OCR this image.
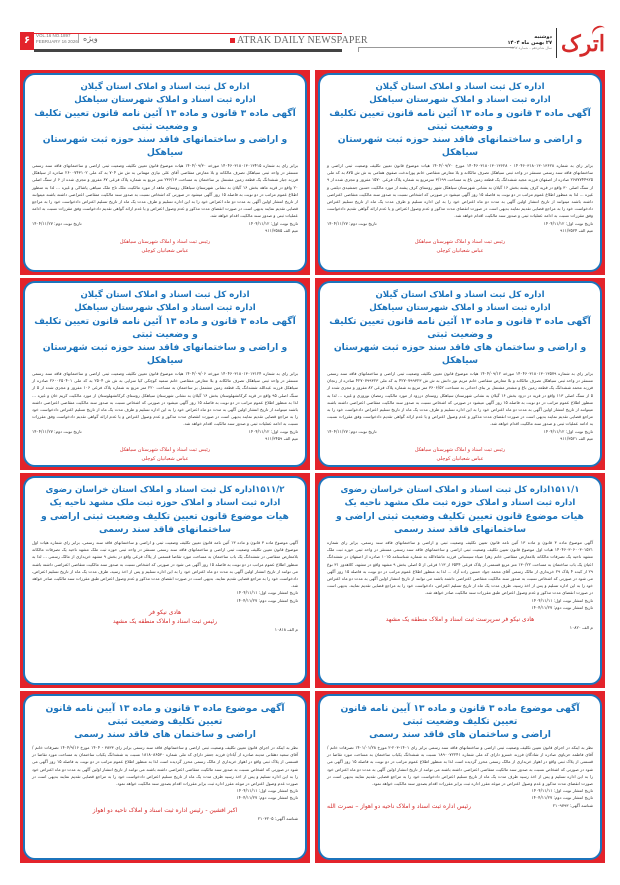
۶	VOL.16 NO.1897
FEBRUARY 16 2026 ویژه	ATRAK DAILY NEWSPAPER	دوشنبه
۲۷ بهمن ماه ۱۴۰۴
سال شانزدهم - شماره ۱۸۹۷ اترک
اداره کل ثبت اسناد و املاک استان گیلان
اداره ثبت اسناد و املاک شهرستان سیاهکل
آگهی ماده ۳ قانون و ماده ۱۳ آئین نامه قانون تعیین تکلیف و وضعیت ثبتی
و اراضی و ساختمانهای فاقد سند حوزه ثبت شهرستان سیاهکل
برابر رای به شماره ۱۴۰۴۶۰۳۱۸۰۱۳۰۱۳۶۲۸ - ۱۴۰۴۶۰۳۱۸۰۱۳۰۱۳۶۲۸ مورخ ۱۴۰۴/۰۹/۲۰ هیات موضوع قانون تعیین تکلیف وضعیت ثبتی اراضی و ساختمانهای فاقد سند رسمی مستقر در واحد ثبتی سیاهکل تصرف مالکانه و بلا معارض متقاضی خانم پوراندخت صفوی همامی به ش ش ۸۷۵ به کد ملی ۲۶۸۷۷۴۴۹۲۵ صادره از اصفهان فرزند مجید ششدانگ یک قطعه زمین باغ به مساحت ۳/۱۹۹ مترمربع به شماره پلاک فرعی ۱۵۷۰ مفروز و مجزی شده از ۹ از سنگ اصلی ۳۰ واقع در قریه کرف پشته بخش ۱۶ گیلان به نشانی شهرستان سیاهکل شهر روستای کرف پشته از مورد مالکیت حسین جمشیدی دیلمی و غیره ... لذا به منظور اطلاع عموم مراتب در دو نوبت به فاصله ۱۵ روز آگهی میشود در صورتی که اشخاص نسبت به صدور سند مالکیت متقاضی اعتراضی داشته باشند میتوانند از تاریخ انتشار اولین آگهی به مدت دو ماه اعتراض خود را به این اداره تسلیم و ظرف مدت یک ماه از تاریخ تسلیم اعتراض دادخواست خود را به مراجع قضایی تقدیم نمایند بدیهی است در صورت انقضای مدت مذکور و عدم وصول اعتراض و یا عدم ارائه گواهی تقدیم دادخواست وفق مقررات نسبت به ادامه عملیات ثبتی و صدور سند مالکیت اقدام خواهد شد.
تاریخ نوبت اول: ۱۴۰۴/۱۱/۱۲
تاریخ نوبت دوم: ۱۴۰۴/۱۱/۲۷
میم الف ۹۱۱/۳۵۲۴
رئیس ثبت اسناد و املاک شهرستان سیاهکل
عباس شعبانیان کوچلی
اداره کل ثبت اسناد و املاک استان گیلان
اداره ثبت اسناد و املاک شهرستان سیاهکل
آگهی ماده ۳ قانون و ماده ۱۳ آئین نامه قانون تعیین تکلیف و وضعیت ثبتی
و اراضی و ساختمانهای فاقد سند حوزه ثبت شهرستان سیاهکل
برابر رای به شماره ۱۴۰۴۶۰۳۱۸۰۱۳۰۱۳۴۱۵ مورخه ۱۴۰۴/۰۹/۳۰ هیات موضوع قانون تعیین تکلیف وضعیت ثبتی اراضی و ساختمانهای فاقد سند رسمی مستقر در واحد ثبتی سیاهکل تصرف مالکانه و بلا معارض متقاضی آقای علی نیازی مهمانی به ش ش ۷۰۴ به کد ملی ۲۶۰۰۷۴۳۱۰۲ صادره از سیاهکل فرزند جبار ششدانگ یک قطعه زمین مشتمل بر ساختمان به مساحت ۲۳۶/۱۳ متر مربع به شماره پلاک فرعی ۶۷ مفروز و مجزی شده از ۶ از سنگ اصلی ۲۰ واقع در قریه ماهه بخش ۱۶ گیلان به نشانی شهرستان سیاهکل روستای ماهه از مورد مالکیت ملک تاج ملک سیاهی پاشاکی و غیره ... لذا به منظور اطلاع عموم مراتب در دو نوبت به فاصله ۱۵ روز آگهی میشود در صورتی که اشخاص نسبت به صدور سند مالکیت متقاضی اعتراضی داشته باشند میتوانند از تاریخ انتشار اولین آگهی به مدت دو ماه اعتراض خود را به این اداره تسلیم و ظرف مدت یک ماه از تاریخ تسلیم اعتراض دادخواست خود را به مراجع قضایی تقدیم نمایند بدیهی است در صورت انقضای مدت مذکور و عدم وصول اعتراض و یا عدم ارائه گواهی تقدیم دادخواست وفق مقررات نسبت به ادامه عملیات ثبتی و صدور سند مالکیت اقدام خواهد شد.
تاریخ نوبت اول: ۱۴۰۴/۱۱/۱۲
تاریخ نوبت دوم: ۱۴۰۴/۱۱/۲۷
میم الف ۹۱۱/۳۵۸۵
رئیس ثبت اسناد و املاک شهرستان سیاهکل
عباس شعبانیان کوچلی
اداره کل ثبت اسناد و املاک استان گیلان
اداره ثبت اسناد و املاک شهرستان سیاهکل
آگهی ماده ۳ قانون و ماده ۱۳ آئین نامه قانون تعیین تکلیف و وضعیت ثبتی
و اراضی و ساختمان های فاقد سند حوزه ثبت شهرستان سیاهکل
برابر رای به شماره ۱۴۰۴۶۰۳۱۸۰۱۳۰۱۳۵۷۹ مورخه ۱۴۰۴/۰۹/۱۲ هیات موضوع قانون تعیین تکلیف وضعیت ثبتی اراضی و ساختمانهای فاقد سند رسمی مستقر در واحد ثبتی سیاهکل تصرف مالکانه و بلا معارض متقاضی خانم مریم نور دانش به ش ش ۴۲۷۰۷۹۹۳۲۳ به کد ملی ۴۲۷۰۷۹۹۳۲۳ صادره از زنجان فرزند محمد ششدانگ یک قطعه زمین باغ و مشجر مشتمل بر بنای احداثی به مساحت ۳۶۰۶/۵۲ متر مربع به شماره پلاک فرعی ۸۲ مفروز و مجزی شده از ۵ از سنگ اصلی ۱۱۳ واقع در قریه در دزود بخش ۱۶ گیلان به نشانی شهرستان سیاهکل روستای درزود از مورد مالکیت رمضان نوروزی و غیره ... لذا به منظور اطلاع عموم مراتب در دو نوبت به فاصله ۱۵ روز آگهی میشود در صورتی که اشخاص نسبت به صدور سند مالکیت متقاضی اعتراضی داشته باشند میتوانند از تاریخ انتشار اولین آگهی به مدت دو ماه اعتراض خود را به این اداره تسلیم و ظرف مدت یک ماه از تاریخ تسلیم اعتراض دادخواست خود را به مراجع قضایی تقدیم نمایند بدیهی است در صورت انقضای مدت مذکور و عدم وصول اعتراض و یا عدم ارائه گواهی تقدیم دادخواست وفق مقررات نسبت به ادامه عملیات ثبتی و صدور سند مالکیت اقدام خواهد شد.
تاریخ نوبت اول: ۱۴۰۴/۱۱/۱۲
تاریخ نوبت دوم: ۱۴۰۴/۱۱/۲۷
میم الف ۹۱۱/۳۵۲۱
رئیس ثبت اسناد و املاک شهرستان سیاهکل
عباس شعبانیان کوچلی
اداره کل ثبت اسناد و املاک استان گیلان
اداره ثبت اسناد و املاک شهرستان سیاهکل
آگهی ماده ۳ قانون و ماده ۱۳ آئین نامه قانون تعیین تکلیف و وضعیت ثبتی
و اراضی و ساختمانهای فاقد سند حوزه ثبت شهرستان سیاهکل
برابر رای به شماره ۱۴۰۴۶۰۳۱۸۰۱۳۰۱۳۱۲۴ مورخه ۱۴۰۴/۰۹/۰۶ هیات موضوع قانون تعیین تکلیف وضعیت ثبتی اراضی و ساختمانهای فاقد سند رسمی مستقر در واحد ثبتی سیاهکل تصرف مالکانه و بلا معارض متقاضی خانم سمیه کوچکی کیا سرایی به ش ش ۲۵۰۴ به کد ملی ۲۶۰۰۲۵۰۴۰۱ صادره از سیاهکل فرزند عبدالله ششدانگ یک قطعه زمین مشتمل بر ساختمان به مساحت ۲۲۰ متر مربع به شماره پلاک فرعی ۱۰۶ مفروز و مجزی شده از ۵ از سنگ اصلی ۹۵ واقع در قریه کرکانشهلوستان بخش ۱۶ گیلان به نشانی شهرستان سیاهکل روستای کرکانشهلوستان از مورد مالکیت کریم خان و غیره ... لذا به منظور اطلاع عموم مراتب در دو نوبت به فاصله ۱۵ روز آگهی میشود در صورتی که اشخاص نسبت به صدور سند مالکیت متقاضی اعتراضی داشته باشند میتوانند از تاریخ انتشار اولین آگهی به مدت دو ماه اعتراض خود را به این اداره تسلیم و ظرف مدت یک ماه از تاریخ تسلیم اعتراض دادخواست خود را به مراجع قضایی تقدیم نمایند بدیهی است در صورت انقضای مدت مذکور و عدم وصول اعتراض و یا عدم ارائه گواهی تقدیم دادخواست وفق مقررات نسبت به ادامه عملیات ثبتی و صدور سند مالکیت اقدام خواهد شد.
تاریخ نوبت اول: ۱۴۰۴/۱۱/۱۲
تاریخ نوبت دوم: ۱۴۰۴/۱۱/۲۷
میم الف ۹۱۱/۳۴۵۹
رئیس ثبت اسناد و املاک شهرستان سیاهکل
عباس شعبانیان کوچلی
۱۵۱۱/۱اداره کل ثبت اسناد و املاک استان خراسان رضوی
اداره ثبت اسناد و املاک حوزه ثبت ملک مشهد ناحیه یک
هیات موضوع قانون تعیین تکلیف وضعیت ثبتی اراضی و ساختمانهای فاقد سند رسمی
آگهی موضوع ماده ۳ قانون و ماده ۱۳ آئین نامه قانون تعیین تکلیف وضعیت ثبتی و اراضی و ساختمانهای فاقد سند رسمی، برابر رای شماره ۱۴۰۴۶۰۳۰۶۰۰۳۰۱۵۲۱ هیات اول موضوع قانون تعیین تکلیف وضعیت ثبتی اراضی و ساختمانهای فاقد سند رسمی مستقر در واحد ثبتی حوزه ثبت ملک مشهد ناحیه یک تصرفات مالکانه بلامعارض متقاضی خانم زهرا ضیاء سیستانی فرزند ماشاءالله به شماره شناسنامه ۱۰۱۵ صادره از اصفهان در ششدانگ اعیان یک باب ساختمان به مساحت ۱۳۰/۲۲ متر مربع قسمتی از پلاک فرعی ۶۵۴۴ از ۱۱۳ فرعی از ۵ اصلی بخش ۹ مشهد واقع در مشهد، کلاهدوز ۳۱ نوع ۲۹ از کبده ۴ پلاک ۲۹ خریداری از مالک رسمی آقای محمد جواد حسین زاده آزاد ... لذا به منظور اطلاع عموم مراتب در دو نوبت به فاصله ۱۵ روز آگهی می شود در صورتی که اشخاص نسبت به صدور سند مالکیت متقاضی اعتراضی داشته باشند می توانند از تاریخ انتشار اولین آگهی به مدت دو ماه اعتراض خود را به این اداره تسلیم و پس از اخذ رسید، ظرف مدت یک ماه از تاریخ تسلیم اعتراض، دادخواست خود را به مراجع قضایی تقدیم نمایند. بدیهی است در صورت انقضای مدت مذکور و عدم وصول اعتراض طبق مقررات سند مالکیت صادر خواهد شد.
تاریخ انتشار نوبت اول: ۱۴۰۴/۱۱/۱۱
تاریخ انتشار نوبت دوم: ۱۴۰۴/۱۱/۲۷
هادی نیکو فر سرپرست ثبت اسناد و املاک منطقه یک مشهد
م الف ۱۰۸۲۰
۱۵۱۱/۲اداره کل ثبت اسناد و املاک استان خراسان رضوی
اداره ثبت اسناد و املاک حوزه ثبت ملک مشهد ناحیه یک
هیات موضوع قانون تعیین تکلیف وضعیت ثبتی اراضی و ساختمانهای فاقد سند رسمی
آگهی موضوع ماده ۳ قانون و ماده ۱۳ آئین نامه قانون تعیین تکلیف وضعیت ثبتی و اراضی و ساختمانهای فاقد سند رسمی، برابر رای شماره هیات اول موضوع قانون تعیین تکلیف وضعیت ثبتی اراضی و ساختمانهای فاقد سند رسمی مستقر در واحد ثبتی حوزه ثبت ملک مشهد ناحیه یک تصرفات مالکانه بلامعارض متقاضی در ششدانگ یک باب ساختمان به مساحت مورد تقاضا قسمتی از پلاک فرعی واقع در بخش ۹ مشهد خریداری از مالک رسمی ... لذا به منظور اطلاع عموم مراتب در دو نوبت به فاصله ۱۵ روز آگهی می شود در صورتی که اشخاص نسبت به صدور سند مالکیت متقاضی اعتراضی داشته باشند می توانند از تاریخ انتشار اولین آگهی به مدت دو ماه اعتراض خود را به این اداره تسلیم و پس از اخذ رسید، ظرف مدت یک ماه از تاریخ تسلیم اعتراض، دادخواست خود را به مراجع قضایی تقدیم نمایند. بدیهی است در صورت انقضای مدت مذکور و عدم وصول اعتراض طبق مقررات سند مالکیت صادر خواهد شد.
تاریخ انتشار نوبت اول: ۱۴۰۴/۱۱/۱۱
تاریخ انتشار نوبت دوم: ۱۴۰۴/۱۱/۲۷
هادی نیکو فر
رئیس ثبت اسناد و املاک منطقه یک مشهد
م الف ۱۰۸۱۸
آگهی موضوع ماده ۳ قانون و ماده ۱۳ آیین نامه قانون تعیین تکلیف وضعیت ثبتی
اراضی و ساختمان های فاقد سند رسمی
نظر به اینکه در اجرای قانون تعیین تکلیف وضعیت ثبتی اراضی و ساختمانهای فاقد سند رسمی برابر رای ۱۴۰۱-۲۰۳-۲ مورخ ۱۴۰۱/۰۱/۲۸ تصرفات خانم / آقای فاطمه حزباوی صادره از شادگان فرزند خسرو دارای کد ملی شماره ۱۸۹۰۰۷۲۲۴۱ نسبت به ششدانگ یکباب ساختمان به مساحت مورد تقاضا در قسمتی از پلاک ثبتی واقع در اهواز خریداری از مالک رسمی محرز گردیده است لذا به منظور اطلاع عموم مراتب در دو نوبت به فاصله ۱۵ روز آگهی می شود در صورتی که اشخاص نسبت به صدور سند مالکیت متقاضی اعتراضی داشته باشند می توانند از تاریخ انتشار اولین آگهی به مدت دو ماه اعتراض خود را به این اداره تسلیم و پس از اخذ رسید ظرف مدت یک ماه از تاریخ تسلیم اعتراض دادخواست خود را به مراجع قضایی تقدیم نمایند بدیهی است در صورت انقضای مدت مذکور و عدم وصول اعتراض در موعد مقرر اداره ثبت برابر مقررات اقدام بصدور سند مالکیت خواهد نمود.
تاریخ انتشار نوبت اول: ۱۴۰۴/۱۱/۱۱
تاریخ انتشار نوبت دوم: ۱۴۰۴/۱۱/۲۷
شناسه آگهی: ۲۱۰۹۷۹۳
رئیس اداره ثبت اسناد و املاک ناحیه دو اهواز – نصرت الله
آگهی موضوع ماده ۳ قانون و ماده ۱۳ آیین نامه قانون تعیین تکلیف وضعیت ثبتی
اراضی و ساختمان های فاقد سند رسمی
نظر به اینکه در اجرای قانون تعیین تکلیف وضعیت ثبتی اراضی و ساختمانهای فاقد سند رسمی برابر رای ۳۸۳۳ - ۱۴۰۴ مورخ ۱۴۰۴/۹/۱۶ تصرفات خانم / آقای سعید دهقانی مدینه صادره از آبادان فرزند جعفر دارای کد ملی شماره ۱۸۱۸۰۸۶۵۳۰ نسبت به ششدانگ یکباب ساختمان به مساحت مورد تقاضا در قسمتی از پلاک ثبتی واقع در اهواز خریداری از مالک رسمی محرز گردیده است لذا به منظور اطلاع عموم مراتب در دو نوبت به فاصله ۱۵ روز آگهی می شود در صورتی که اشخاص نسبت به صدور سند مالکیت متقاضی اعتراضی داشته باشند می توانند از تاریخ انتشار اولین آگهی به مدت دو ماه اعتراض خود را به این اداره تسلیم و پس از اخذ رسید ظرف مدت یک ماه از تاریخ تسلیم اعتراض دادخواست خود را به مراجع قضایی تقدیم نمایند بدیهی است در صورت عدم وصول اعتراض در موعد مقرر اداره ثبت برابر مقررات اقدام بصدور سند مالکیت خواهد نمود.
تاریخ انتشار نوبت اول: ۱۴۰۴/۱۱/۱۱
تاریخ انتشار نوبت دوم: ۱۴۰۴/۱۱/۲۷
اکبر افشین - رئیس اداره ثبت اسناد و املاک ناحیه دو اهواز
شناسه آگهی: ۲۱۰۳۲۰۵
